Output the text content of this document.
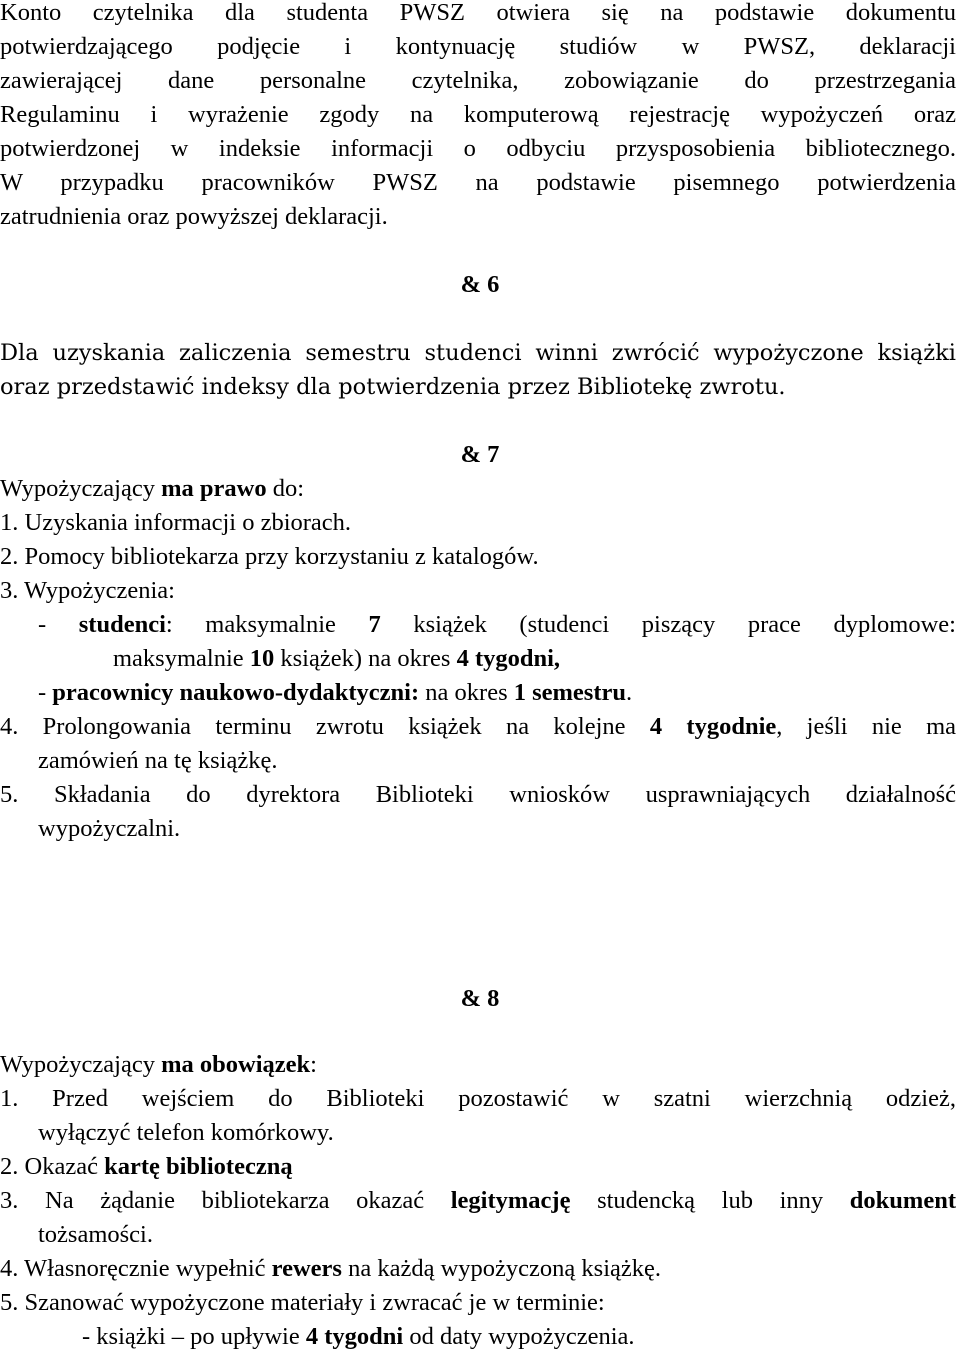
Konto czytelnika dla studenta PWSZ otwiera się na podstawie dokumentu
potwierdzającego podjęcie i kontynuację studiów w PWSZ, deklaracji
zawierającej dane personalne czytelnika, zobowiązanie do przestrzegania
Regulaminu i wyrażenie zgody na komputerową rejestrację wypożyczeń oraz
potwierdzonej w indeksie informacji o odbyciu przysposobienia bibliotecznego.
W przypadku pracowników PWSZ na podstawie pisemnego potwierdzenia
zatrudnienia oraz powyższej deklaracji.
& 6
Dla uzyskania zaliczenia semestru studenci winni zwrócić wypożyczone książki
oraz przedstawić indeksy dla potwierdzenia przez Bibliotekę zwrotu.
& 7
Wypożyczający ma prawo do:
1. Uzyskania informacji o zbiorach.
2. Pomocy bibliotekarza przy korzystaniu z katalogów.
3. Wypożyczenia:
- studenci: maksymalnie 7 książek (studenci piszący prace dyplomowe:
maksymalnie 10 książek) na okres 4 tygodni,
- pracownicy naukowo-dydaktyczni: na okres 1 semestru.
4. Prolongowania terminu zwrotu książek na kolejne 4 tygodnie, jeśli nie ma
zamówień na tę książkę.
5. Składania do dyrektora Biblioteki wniosków usprawniających działalność
wypożyczalni.
& 8
Wypożyczający ma obowiązek:
1. Przed wejściem do Biblioteki pozostawić w szatni wierzchnią odzież,
wyłączyć telefon komórkowy.
2. Okazać kartę biblioteczną
3. Na żądanie bibliotekarza okazać legitymację studencką lub inny dokument
tożsamości.
4. Własnoręcznie wypełnić rewers na każdą wypożyczoną książkę.
5. Szanować wypożyczone materiały i zwracać je w terminie:
- książki – po upływie 4 tygodni od daty wypożyczenia.
